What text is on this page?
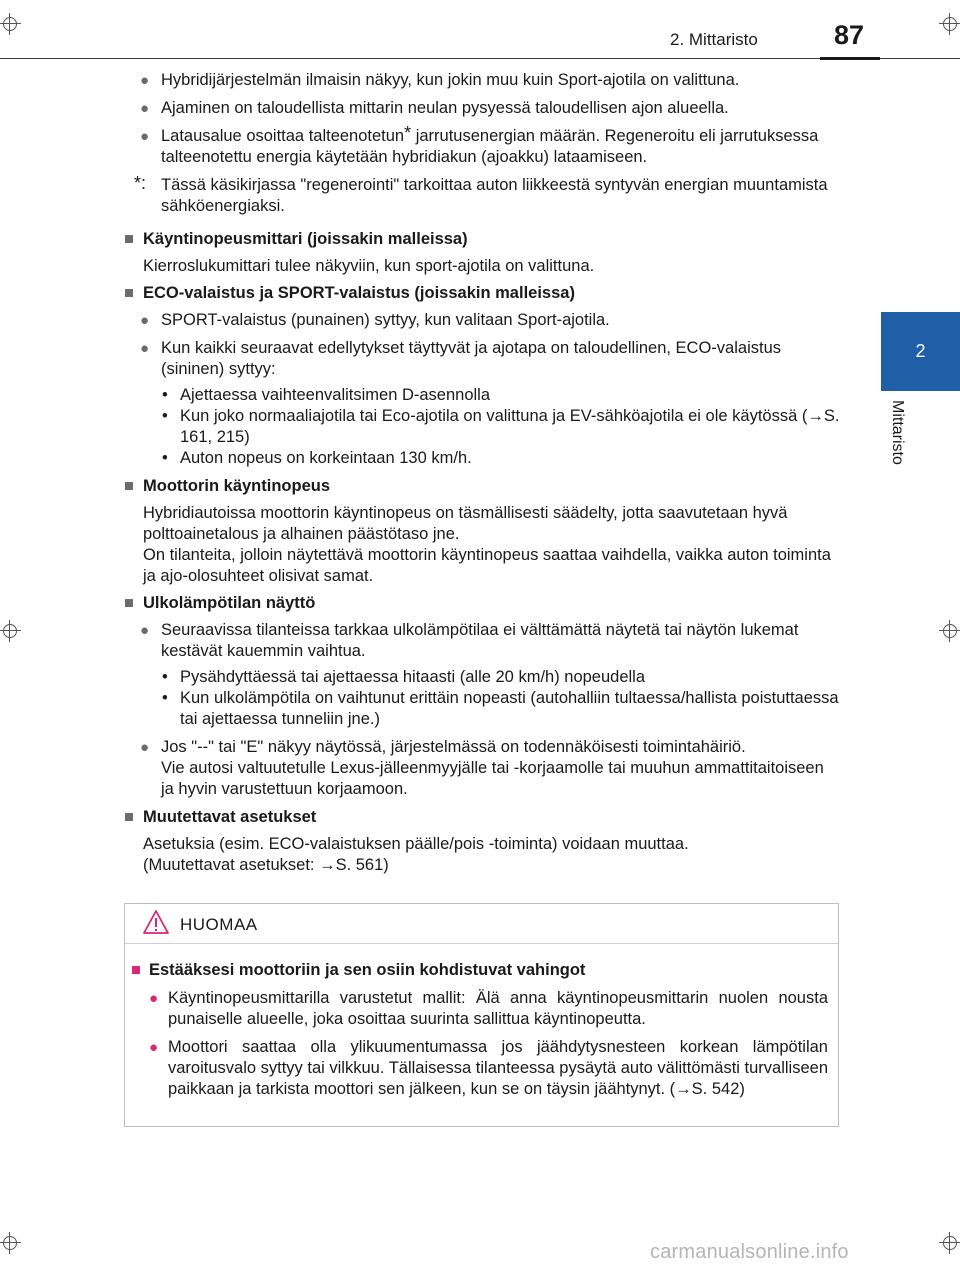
2. Mittaristo	87
2
Mittaristo
● Hybridijärjestelmän ilmaisin näkyy, kun jokin muu kuin Sport-ajotila on valittuna.
● Ajaminen on taloudellista mittarin neulan pysyessä taloudellisen ajon alueella.
● Latausalue osoittaa talteenotetun* jarrutusenergian määrän. Regeneroitu eli jarrutuksessa talteenotettu energia käytetään hybridiakun (ajoakku) lataamiseen.
*: Tässä käsikirjassa "regenerointi" tarkoittaa auton liikkeestä syntyvän energian muuntamista sähköenergiaksi.
■ Käyntinopeusmittari (joissakin malleissa)
Kierroslukumittari tulee näkyviin, kun sport-ajotila on valittuna.
■ ECO-valaistus ja SPORT-valaistus (joissakin malleissa)
● SPORT-valaistus (punainen) syttyy, kun valitaan Sport-ajotila.
● Kun kaikki seuraavat edellytykset täyttyvät ja ajotapa on taloudellinen, ECO-valaistus (sininen) syttyy:
• Ajettaessa vaihteenvalitsimen D-asennolla
• Kun joko normaaliajotila tai Eco-ajotila on valittuna ja EV-sähköajotila ei ole käytössä (→S. 161, 215)
• Auton nopeus on korkeintaan 130 km/h.
■ Moottorin käyntinopeus
Hybridiautoissa moottorin käyntinopeus on täsmällisesti säädelty, jotta saavutetaan hyvä polttoainetalous ja alhainen päästötaso jne.
On tilanteita, jolloin näytettävä moottorin käyntinopeus saattaa vaihdella, vaikka auton toiminta ja ajo-olosuhteet olisivat samat.
■ Ulkolämpötilan näyttö
● Seuraavissa tilanteissa tarkkaa ulkolämpötilaa ei välttämättä näytetä tai näytön lukemat kestävät kauemmin vaihtua.
• Pysähdyttäessä tai ajettaessa hitaasti (alle 20 km/h) nopeudella
• Kun ulkolämpötila on vaihtunut erittäin nopeasti (autohalliin tultaessa/hallista poistuttaessa tai ajettaessa tunneliin jne.)
● Jos "--" tai "E" näkyy näytössä, järjestelmässä on todennäköisesti toimintahäiriö.
Vie autosi valtuutetulle Lexus-jälleenmyyjälle tai -korjaamolle tai muuhun ammattitaitoiseen ja hyvin varustettuun korjaamoon.
■ Muutettavat asetukset
Asetuksia (esim. ECO-valaistuksen päälle/pois -toiminta) voidaan muuttaa.
(Muutettavat asetukset: →S. 561)
HUOMAA
■ Estääksesi moottoriin ja sen osiin kohdistuvat vahingot
● Käyntinopeusmittarilla varustetut mallit: Älä anna käyntinopeusmittarin nuolen nousta punaiselle alueelle, joka osoittaa suurinta sallittua käyntinopeutta.
● Moottori saattaa olla ylikuumentumassa jos jäähdytysnesteen korkean lämpötilan varoitusvalo syttyy tai vilkkuu. Tällaisessa tilanteessa pysäytä auto välittömästi turvalliseen paikkaan ja tarkista moottori sen jälkeen, kun se on täysin jäähtynyt. (→S. 542)
carmanualsonline.info
